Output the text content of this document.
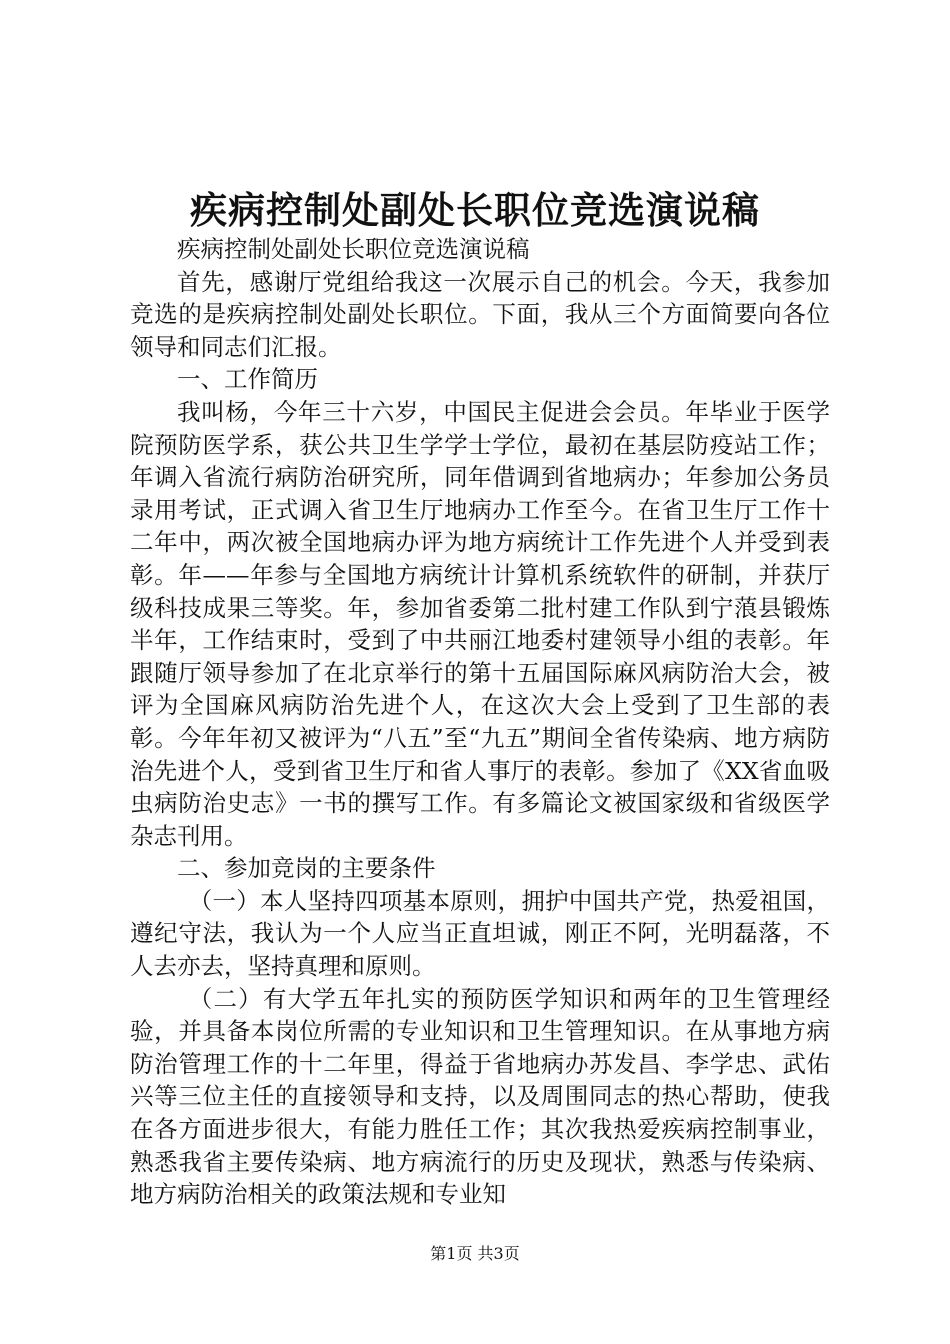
疾病控制处副处长职位竞选演说稿

疾病控制处副处长职位竞选演说稿

首先，感谢厅党组给我这一次展示自己的机会。今天，我参加竞选的是疾病控制处副处长职位。下面，我从三个方面简要向各位领导和同志们汇报。

一、工作简历

我叫杨，今年三十六岁，中国民主促进会会员。年毕业于医学院预防医学系，获公共卫生学学士学位，最初在基层防疫站工作；年调入省流行病防治研究所，同年借调到省地病办；年参加公务员录用考试，正式调入省卫生厅地病办工作至今。在省卫生厅工作十二年中，两次被全国地病办评为地方病统计工作先进个人并受到表彰。年——年参与全国地方病统计计算机系统软件的研制，并获厅级科技成果三等奖。年，参加省委第二批村建工作队到宁蒗县锻炼半年，工作结束时，受到了中共丽江地委村建领导小组的表彰。年跟随厅领导参加了在北京举行的第十五届国际麻风病防治大会，被评为全国麻风病防治先进个人，在这次大会上受到了卫生部的表彰。今年年初又被评为“八五”至“九五”期间全省传染病、地方病防治先进个人，受到省卫生厅和省人事厅的表彰。参加了《XX省血吸虫病防治史志》一书的撰写工作。有多篇论文被国家级和省级医学杂志刊用。

二、参加竞岗的主要条件

（一）本人坚持四项基本原则，拥护中国共产党，热爱祖国，遵纪守法，我认为一个人应当正直坦诚，刚正不阿，光明磊落，不人去亦去，坚持真理和原则。

（二）有大学五年扎实的预防医学知识和两年的卫生管理经验，并具备本岗位所需的专业知识和卫生管理知识。在从事地方病防治管理工作的十二年里，得益于省地病办苏发昌、李学忠、武佑兴等三位主任的直接领导和支持，以及周围同志的热心帮助，使我在各方面进步很大，有能力胜任工作；其次我热爱疾病控制事业，熟悉我省主要传染病、地方病流行的历史及现状，熟悉与传染病、地方病防治相关的政策法规和专业知

第1页 共3页
